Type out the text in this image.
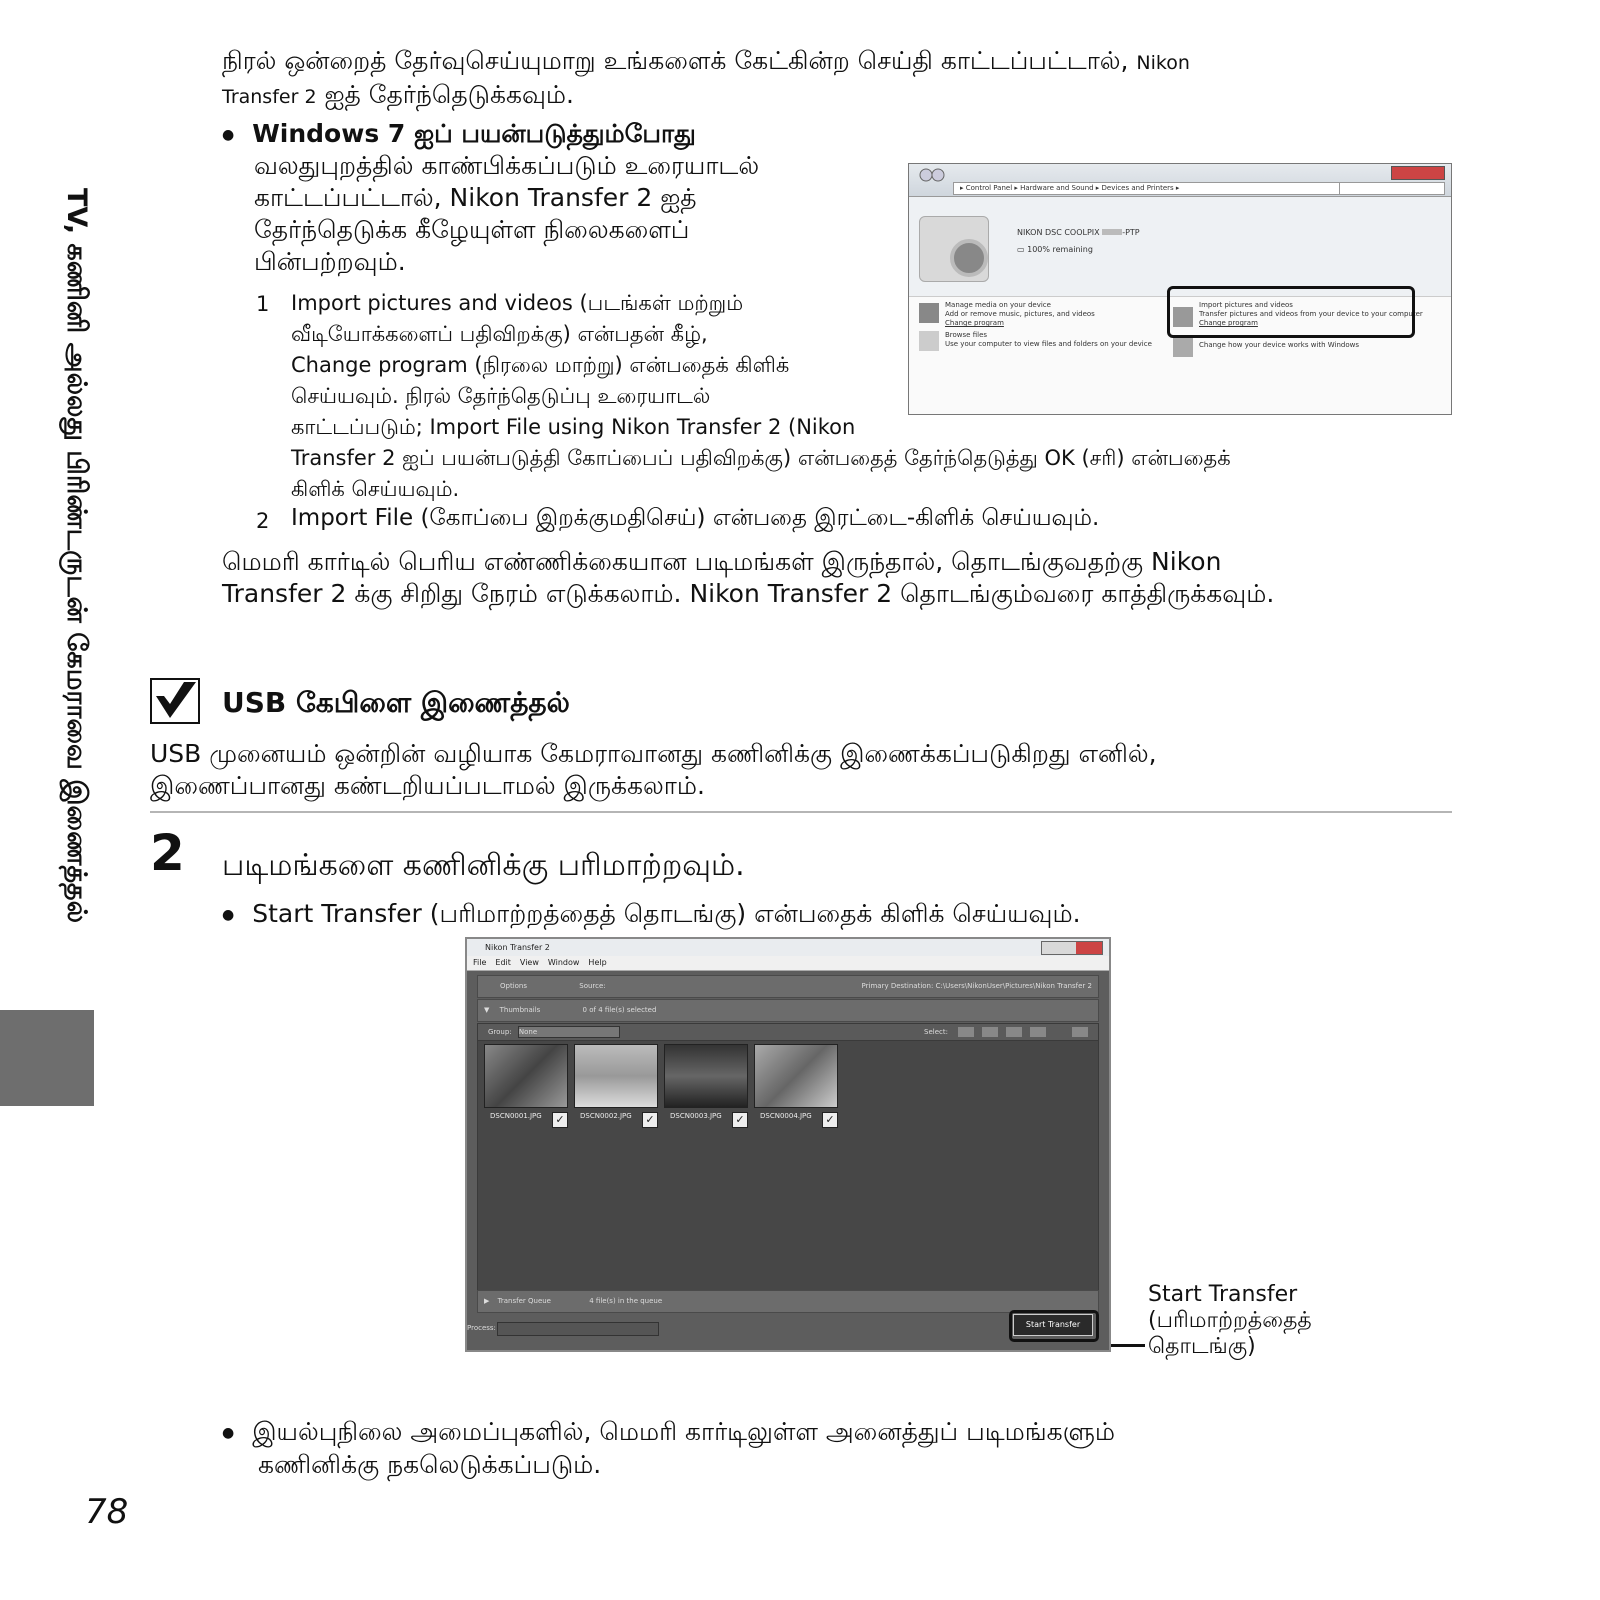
TV, கணினி அல்லது பிரிண்டருடன் கேமராவை இணைத்தல்
78

நிரல் ஒன்றைத் தேர்வுசெய்யுமாறு உங்களைக் கேட்கின்ற செய்தி காட்டப்பட்டால், Nikon

Transfer 2 ஐத் தேர்ந்தெடுக்கவும்.

● Windows 7 ஐப் பயன்படுத்தும்போது

வலதுபுறத்தில் காண்பிக்கப்படும் உரையாடல்

காட்டப்பட்டால், Nikon Transfer 2 ஐத்

தேர்ந்தெடுக்க கீழேயுள்ள நிலைகளைப்

பின்பற்றவும்.

1 Import pictures and videos (படங்கள் மற்றும்
வீடியோக்களைப் பதிவிறக்கு) என்பதன் கீழ்,
Change program (நிரலை மாற்று) என்பதைக் கிளிக்
செய்யவும். நிரல் தேர்ந்தெடுப்பு உரையாடல்
காட்டப்படும்; Import File using Nikon Transfer 2 (Nikon
Transfer 2 ஐப் பயன்படுத்தி கோப்பைப் பதிவிறக்கு) என்பதைத் தேர்ந்தெடுத்து OK (சரி) என்பதைக்
கிளிக் செய்யவும்.
2 Import File (கோப்பை இறக்குமதிசெய்) என்பதை இரட்டை-கிளிக் செய்யவும்.
▸ Control Panel ▸ Hardware and Sound ▸ Devices and Printers ▸
NIKON DSC COOLPIX	-PTP
▭ 100% remaining
Manage media on your device
Add or remove music, pictures, and videos
Change program
Browse files
Use your computer to view files and folders on your device
Import pictures and videos
Transfer pictures and videos from your device to your computer
Change program
Change how your device works with Windows

மெமரி கார்டில் பெரிய எண்ணிக்கையான படிமங்கள் இருந்தால், தொடங்குவதற்கு Nikon

Transfer 2 க்கு சிறிது நேரம் எடுக்கலாம். Nikon Transfer 2 தொடங்கும்வரை காத்திருக்கவும்.

USB கேபிளை இணைத்தல்

USB முனையம் ஒன்றின் வழியாக கேமராவானது கணினிக்கு இணைக்கப்படுகிறது எனில்,

இணைப்பானது கண்டறியப்படாமல் இருக்கலாம்.

2 படிமங்களை கணினிக்கு பரிமாற்றவும்.

● Start Transfer (பரிமாற்றத்தைத் தொடங்கு) என்பதைக் கிளிக் செய்யவும்.

Nikon Transfer 2
File Edit View Window Help
Options	Source:	Primary Destination: C:\Users\NikonUser\Pictures\Nikon Transfer 2
▼ Thumbnails	0 of 4 file(s) selected
DSCN0001.JPG	✓	DSCN0002.JPG	✓	DSCN0003.JPG	✓	DSCN0004.JPG	✓
Group: None	Select:
▶ Transfer Queue	4 file(s) in the queue
Process:	Start Transfer
Start Transfer
(பரிமாற்றத்தைத்
தொடங்கு)

● இயல்புநிலை அமைப்புகளில், மெமரி கார்டிலுள்ள அனைத்துப் படிமங்களும்

கணினிக்கு நகலெடுக்கப்படும்.
